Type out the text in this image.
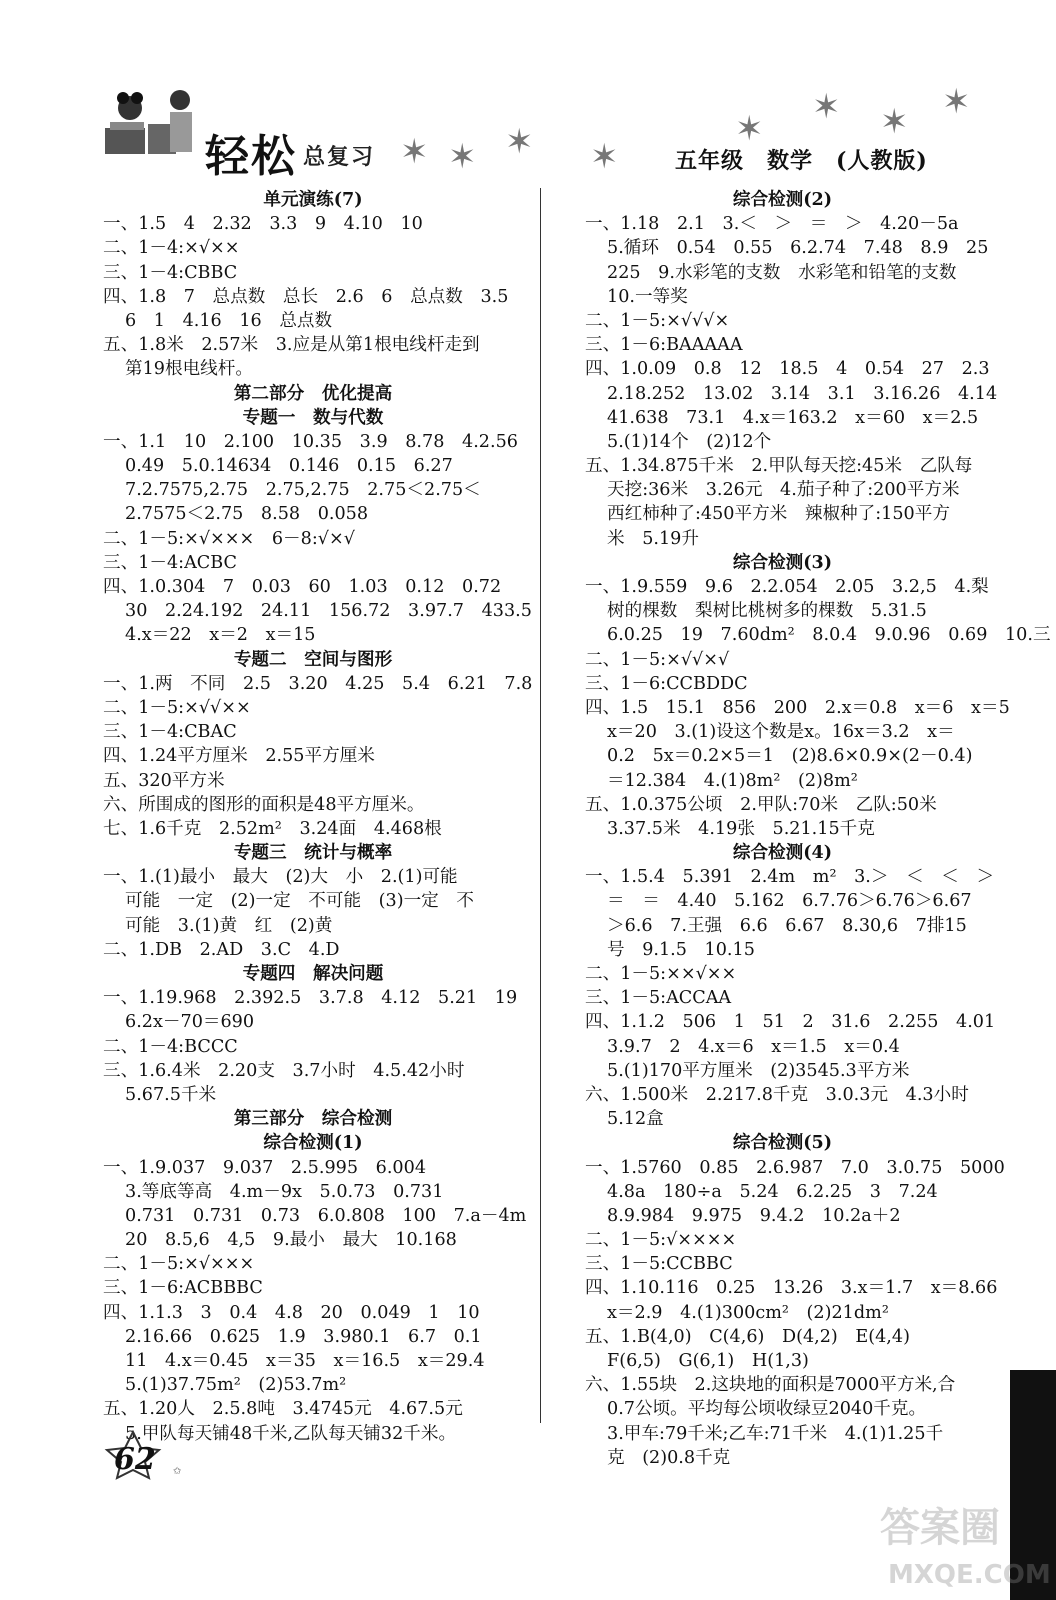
轻松 总复习	五年级　数学　(人教版)
✶ ✶ ✶ ✶
✶ ✶ ✶
✶
单元演练(7)
一、1.5　4　2.32　3.3　9　4.10　10
二、1－4:×√××
三、1－4:CBBC
四、1.8　7　总点数　总长　2.6　6　总点数　3.5
6　1　4.16　16　总点数
五、1.8米　2.57米　3.应是从第1根电线杆走到
第19根电线杆。
第二部分　优化提高
专题一　数与代数
一、1.1　10　2.100　10.35　3.9　8.78　4.2.56
0.49　5.0.14634　0.146　0.15　6.27
7.2.7575,2.75　2.75,2.75　2.75＜2.75＜
2.7575＜2.75　8.58　0.058
二、1－5:×√×××　6－8:√×√
三、1－4:ACBC
四、1.0.304　7　0.03　60　1.03　0.12　0.72
30　2.24.192　24.11　156.72　3.97.7　433.5
4.x＝22　x＝2　x＝15
专题二　空间与图形
一、1.两　不同　2.5　3.20　4.25　5.4　6.21　7.8
二、1－5:×√√××
三、1－4:CBAC
四、1.24平方厘米　2.55平方厘米
五、320平方米
六、所围成的图形的面积是48平方厘米。
七、1.6千克　2.52m²　3.24面　4.468根
专题三　统计与概率
一、1.(1)最小　最大　(2)大　小　2.(1)可能
可能　一定　(2)一定　不可能　(3)一定　不
可能　3.(1)黄　红　(2)黄
二、1.DB　2.AD　3.C　4.D
专题四　解决问题
一、1.19.968　2.392.5　3.7.8　4.12　5.21　19
6.2x－70＝690
二、1－4:BCCC
三、1.6.4米　2.20支　3.7小时　4.5.42小时
5.67.5千米
第三部分　综合检测
综合检测(1)
一、1.9.037　9.037　2.5.995　6.004
3.等底等高　4.m－9x　5.0.73　0.731
0.731　0.731　0.73　6.0.808　100　7.a－4m
20　8.5,6　4,5　9.最小　最大　10.168
二、1－5:×√×××
三、1－6:ACBBBC
四、1.1.3　3　0.4　4.8　20　0.049　1　10
2.16.66　0.625　1.9　3.980.1　6.7　0.1
11　4.x＝0.45　x＝35　x＝16.5　x＝29.4
5.(1)37.75m²　(2)53.7m²
五、1.20人　2.5.8吨　3.4745元　4.67.5元
5.甲队每天铺48千米,乙队每天铺32千米。
综合检测(2)
一、1.18　2.1　3.＜　＞　＝　＞　4.20－5a
5.循环　0.54　0.55　6.2.74　7.48　8.9　25
225　9.水彩笔的支数　水彩笔和铅笔的支数
10.一等奖
二、1－5:×√√√×
三、1－6:BAAAAA
四、1.0.09　0.8　12　18.5　4　0.54　27　2.3
2.18.252　13.02　3.14　3.1　3.16.26　4.14
41.638　73.1　4.x＝163.2　x＝60　x＝2.5
5.(1)14个　(2)12个
五、1.34.875千米　2.甲队每天挖:45米　乙队每
天挖:36米　3.26元　4.茄子种了:200平方米
西红柿种了:450平方米　辣椒种了:150平方
米　5.19升
综合检测(3)
一、1.9.559　9.6　2.2.054　2.05　3.2,5　4.梨
树的棵数　梨树比桃树多的棵数　5.31.5
6.0.25　19　7.60dm²　8.0.4　9.0.96　0.69　10.三
二、1－5:×√√×√
三、1－6:CCBDDC
四、1.5　15.1　856　200　2.x＝0.8　x＝6　x＝5
x＝20　3.(1)设这个数是x。16x＝3.2　x＝
0.2　5x＝0.2×5＝1　(2)8.6×0.9×(2－0.4)
＝12.384　4.(1)8m²　(2)8m²
五、1.0.375公顷　2.甲队:70米　乙队:50米
3.37.5米　4.19张　5.21.15千克
综合检测(4)
一、1.5.4　5.391　2.4m　m²　3.＞　＜　＜　＞
＝　＝　4.40　5.162　6.7.76＞6.76＞6.67
＞6.6　7.王强　6.6　6.67　8.30,6　7排15
号　9.1.5　10.15
二、1－5:××√××
三、1－5:ACCAA
四、1.1.2　506　1　51　2　31.6　2.255　4.01
3.9.7　2　4.x＝6　x＝1.5　x＝0.4
5.(1)170平方厘米　(2)3545.3平方米
六、1.500米　2.217.8千克　3.0.3元　4.3小时
5.12盒
综合检测(5)
一、1.5760　0.85　2.6.987　7.0　3.0.75　5000
4.8a　180÷a　5.24　6.2.25　3　7.24
8.9.984　9.975　9.4.2　10.2a＋2
二、1－5:√××××
三、1－5:CCBBC
四、1.10.116　0.25　13.26　3.x＝1.7　x＝8.66
x＝2.9　4.(1)300cm²　(2)21dm²
五、1.B(4,0)　C(4,6)　D(4,2)　E(4,4)
F(6,5)　G(6,1)　H(1,3)
六、1.55块　2.这块地的面积是7000平方米,合
0.7公顷。平均每公顷收绿豆2040千克。
3.甲车:79千米;乙车:71千米　4.(1)1.25千
克　(2)0.8千克
✩
62
答案圈
MXQE.COM
